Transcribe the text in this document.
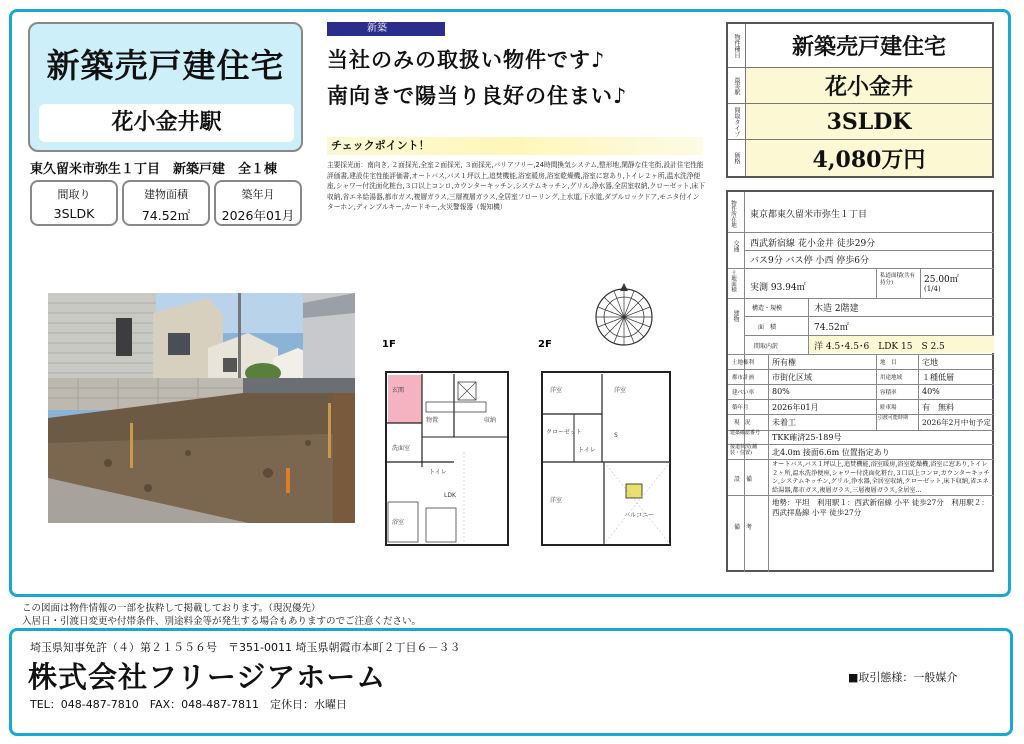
新築売戸建住宅
花小金井駅
東久留米市弥生１丁目　新築戸建　全１棟
間取り
3SLDK
建物面積
74.52㎡
築年月
2026年01月
新築
当社のみの取扱い物件です♪
南向きで陽当り良好の住まい♪
チェックポイント！
主要採光面：南向き, ２面採光,全室２面採光, ３面採光,バリアフリー,24時間換気システム,整形地,閑静な住宅街,設計住宅性能評価書,建設住宅性能評価書,オートバス,バス１坪以上,追焚機能,浴室暖房,浴室乾燥機,浴室に窓あり,トイレ２ヶ所,温水洗浄便座,シャワー付洗面化粧台,３口以上コンロ,カウンターキッチン,システムキッチン,グリル,浄水器,全居室収納,クローゼット,床下収納,省エネ給湯器,都市ガス,複層ガラス,三層複層ガラス,全居室フローリング,上水道,下水道,ダブルロックドア,モニタ付インターホン,ディンプルキー,カードキー,火災警報器（報知機）
1F
玄関
物置
洗面室
浴室
LDK
トイレ
収納
2F
洋室	洋室
洋室
S
クローゼット
トイレ
バルコニー
物件種目	新築売戸建住宅
最寄駅	花小金井
間取タイプ	3SLDK
価格	4,080万円
物件所在地 東京都東久留米市弥生１丁目
交通 西武新宿線 花小金井 徒歩29分
バス9分 バス停 小西 停歩6分
土地面積 実測 93.94㎡
私道面積(共有持分)	25.00㎡
(1/4)
建物
構造・規模	木造 2階建
面　積	74.52㎡
間取内訳	洋 4.5･4.5･6　LDK 15　S 2.5
土地権利 所有権	地　目	宅地
都市計画 市街化区域	用途地域 １種低層
建ぺい率 80%	容積率	40%
築年月	2026年01月	駐車場	有　無料
現　況	未着工	引渡可能時期	2026年2月中旬予定
建築確認番号	TKK確済25-189号
接道状況(舗装・位置)	北4.0m 接面6.6m 位置指定あり
設　備
オートバス,バス１坪以上,追焚機能,浴室暖房,浴室乾燥機,浴室に窓あり,トイレ２ヶ所,温水洗浄便座,シャワー付洗面化粧台,３口以上コンロ,カウンターキッチン,システムキッチン,グリル,浄水器,全居室収納,クローゼット,床下収納,省エネ給湯器,都市ガス,複層ガラス,三層複層ガラス,全居室...
備　考
地勢：平坦　利用駅１：西武新宿線 小平 徒歩27分　利用駅２：西武拝島線 小平 徒歩27分
この図面は物件情報の一部を抜粋して掲載しております。（現況優先）
入居日・引渡日変更や付帯条件、別途料金等が発生する場合もありますのでご注意ください。
埼玉県知事免許（４）第２１５５６号　〒351-0011 埼玉県朝霞市本町２丁目６－３３
株式会社フリージアホーム
TEL：048-487-7810　FAX：048-487-7811　定休日：水曜日
■取引態様：一般媒介
